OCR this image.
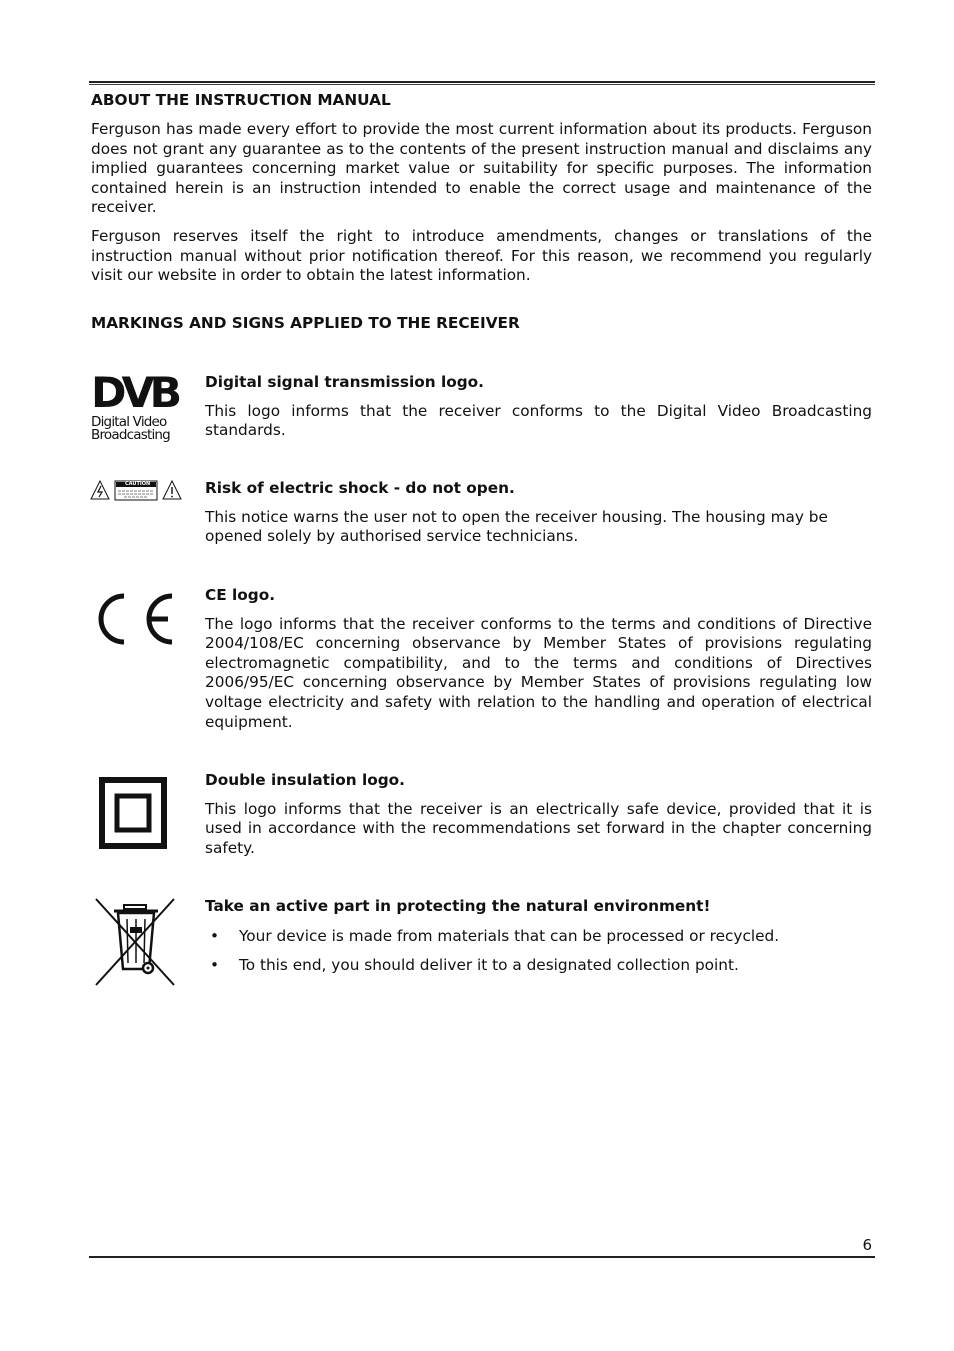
ABOUT THE INSTRUCTION MANUAL

Ferguson has made every effort to provide the most current information about its products. Ferguson does not grant any guarantee as to the contents of the present instruction manual and disclaims any implied guarantees concerning market value or suitability for specific purposes. The information contained herein is an instruction intended to enable the correct usage and maintenance of the receiver.

Ferguson reserves itself the right to introduce amendments, changes or translations of the instruction manual without prior notification thereof. For this reason, we recommend you regularly visit our website in order to obtain the latest information.

MARKINGS AND SIGNS APPLIED TO THE RECEIVER
DVB
Digital Video
Broadcasting

Digital signal transmission logo.

This logo informs that the receiver conforms to the Digital Video Broadcasting standards.

CAUTION	Risk of electric shock - do not open.

This notice warns the user not to open the receiver housing. The housing may be opened solely by authorised service technicians.

CE logo.

The logo informs that the receiver conforms to the terms and conditions of Directive 2004/108/EC concerning observance by Member States of provisions regulating electromagnetic compatibility, and to the terms and conditions of Directives 2006/95/EC concerning observance by Member States of provisions regulating low voltage electricity and safety with relation to the handling and operation of electrical equipment.

Double insulation logo.

This logo informs that the receiver is an electrically safe device, provided that it is used in accordance with the recommendations set forward in the chapter concerning safety.

Take an active part in protecting the natural environment!

• Your device is made from materials that can be processed or recycled.
• To this end, you should deliver it to a designated collection point.
6
